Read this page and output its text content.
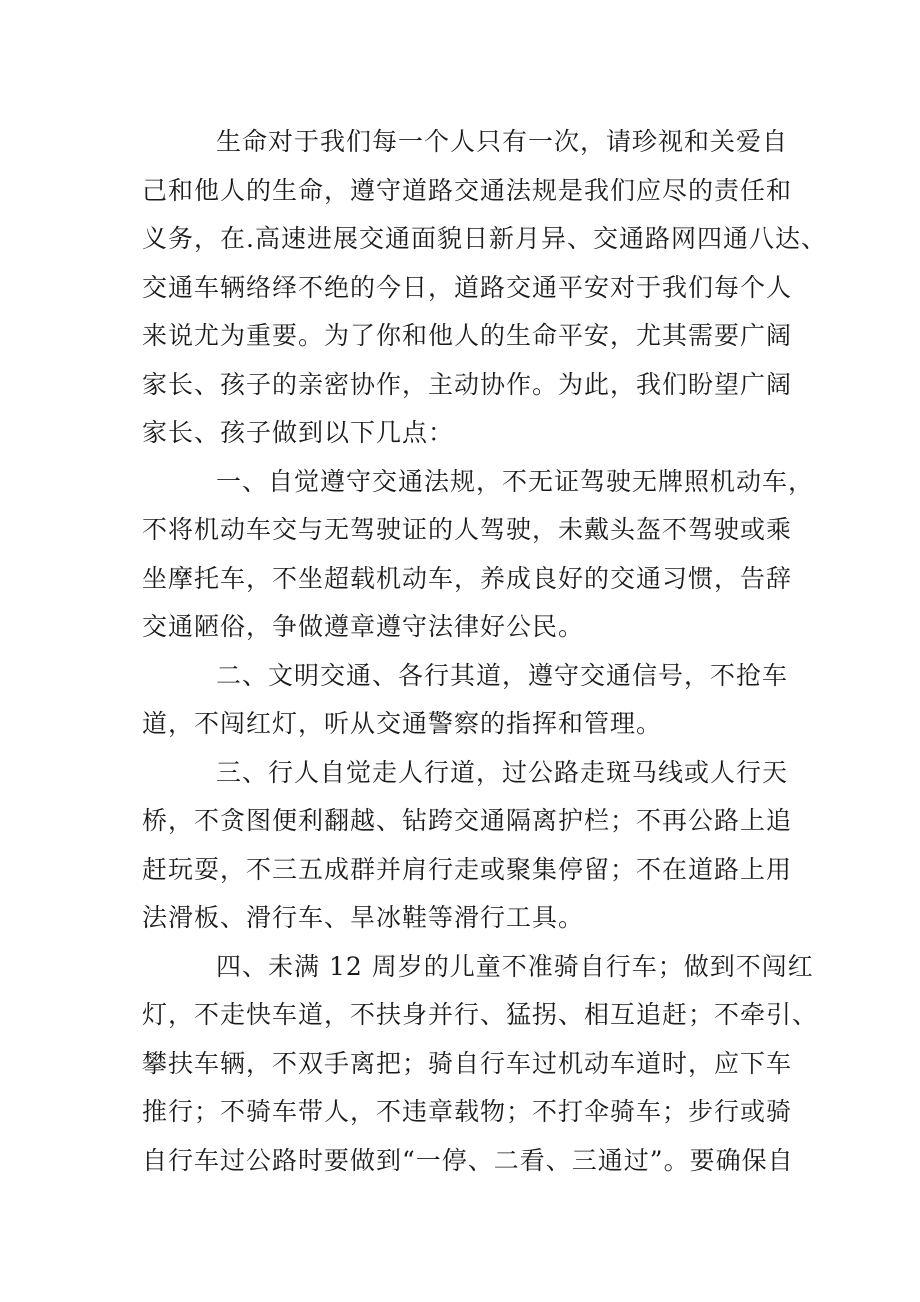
生命对于我们每一个人只有一次，请珍视和关爱自
己和他人的生命，遵守道路交通法规是我们应尽的责任和
义务，在.高速进展交通面貌日新月异、交通路网四通八达、
交通车辆络绎不绝的今日，道路交通平安对于我们每个人
来说尤为重要。为了你和他人的生命平安，尤其需要广阔
家长、孩子的亲密协作，主动协作。为此，我们盼望广阔
家长、孩子做到以下几点：
一、自觉遵守交通法规，不无证驾驶无牌照机动车，
不将机动车交与无驾驶证的人驾驶，未戴头盔不驾驶或乘
坐摩托车，不坐超载机动车，养成良好的交通习惯，告辞
交通陋俗，争做遵章遵守法律好公民。
二、文明交通、各行其道，遵守交通信号，不抢车
道，不闯红灯，听从交通警察的指挥和管理。
三、行人自觉走人行道，过公路走斑马线或人行天
桥，不贪图便利翻越、钻跨交通隔离护栏；不再公路上追
赶玩耍，不三五成群并肩行走或聚集停留；不在道路上用
法滑板、滑行车、旱冰鞋等滑行工具。
四、未满 12 周岁的儿童不准骑自行车；做到不闯红
灯，不走快车道，不扶身并行、猛拐、相互追赶；不牵引、
攀扶车辆，不双手离把；骑自行车过机动车道时，应下车
推行；不骑车带人，不违章载物；不打伞骑车；步行或骑
自行车过公路时要做到“一停、二看、三通过”。要确保自
